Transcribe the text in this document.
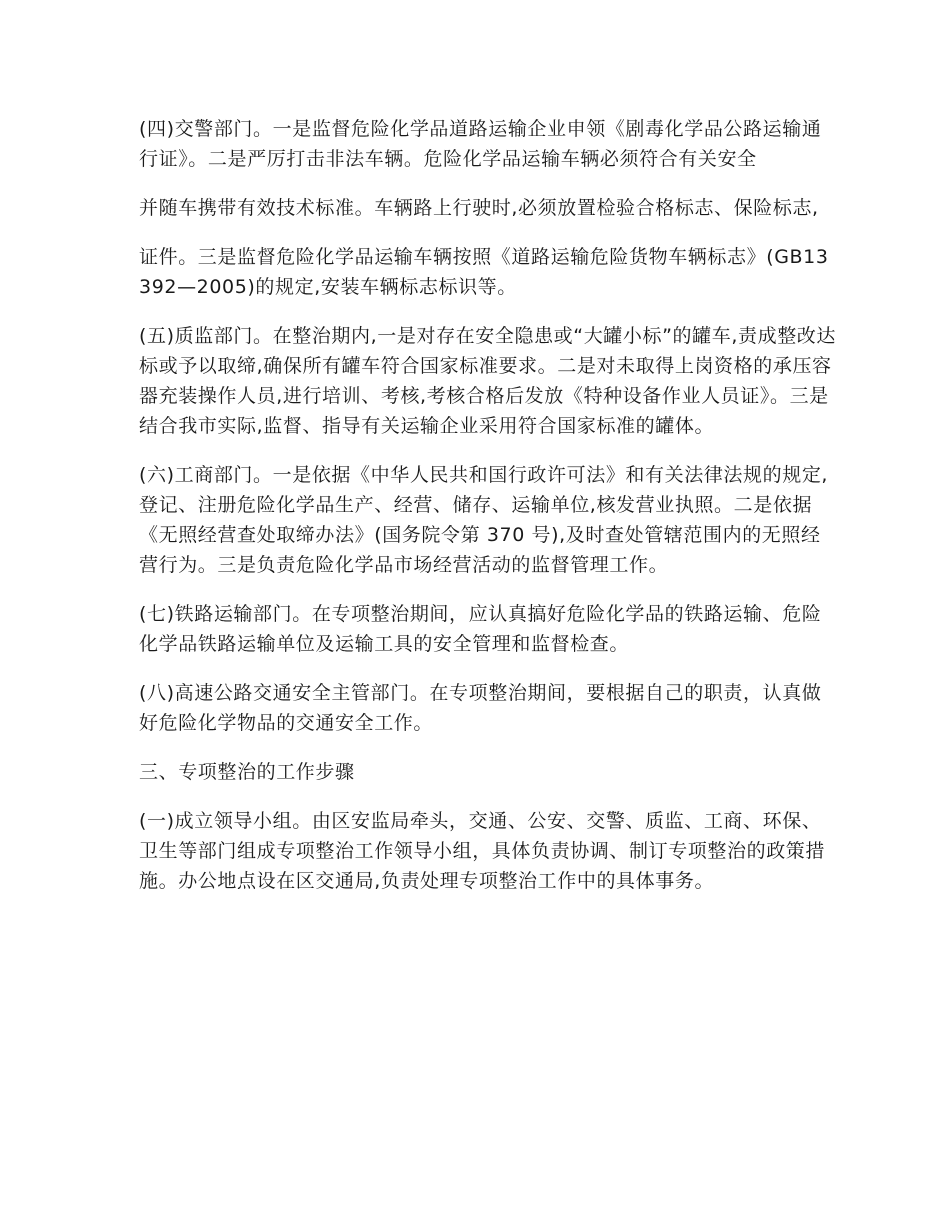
(四)交警部门。一是监督危险化学品道路运输企业申领《剧毒化学品公路运输通行证》。二是严厉打击非法车辆。危险化学品运输车辆必须符合有关安全

并随车携带有效技术标准。车辆路上行驶时,必须放置检验合格标志、保险标志,

证件。三是监督危险化学品运输车辆按照《道路运输危险货物车辆标志》(GB13392—2005)的规定,安装车辆标志标识等。

(五)质监部门。在整治期内,一是对存在安全隐患或“大罐小标”的罐车,责成整改达标或予以取缔,确保所有罐车符合国家标准要求。二是对未取得上岗资格的承压容器充装操作人员,进行培训、考核,考核合格后发放《特种设备作业人员证》。三是结合我市实际,监督、指导有关运输企业采用符合国家标准的罐体。

(六)工商部门。一是依据《中华人民共和国行政许可法》和有关法律法规的规定,登记、注册危险化学品生产、经营、储存、运输单位,核发营业执照。二是依据《无照经营查处取缔办法》(国务院令第 370 号),及时查处管辖范围内的无照经营行为。三是负责危险化学品市场经营活动的监督管理工作。

(七)铁路运输部门。在专项整治期间，应认真搞好危险化学品的铁路运输、危险化学品铁路运输单位及运输工具的安全管理和监督检查。

(八)高速公路交通安全主管部门。在专项整治期间，要根据自己的职责，认真做好危险化学物品的交通安全工作。

三、专项整治的工作步骤

(一)成立领导小组。由区安监局牵头，交通、公安、交警、质监、工商、环保、卫生等部门组成专项整治工作领导小组，具体负责协调、制订专项整治的政策措施。办公地点设在区交通局,负责处理专项整治工作中的具体事务。
